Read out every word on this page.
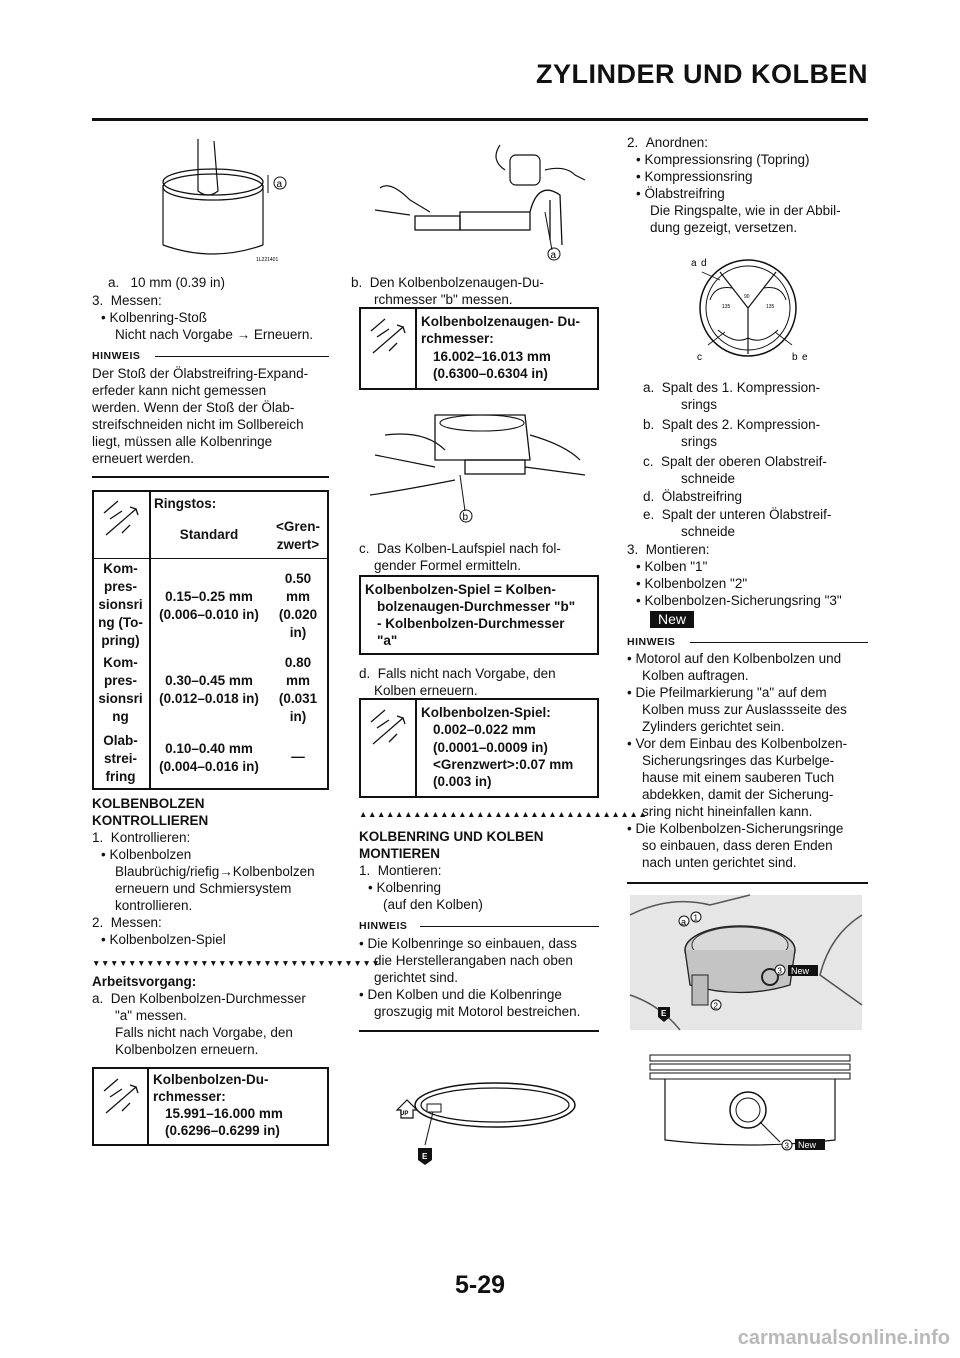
ZYLINDER UND KOLBEN
a
1L221401
a.   10 mm (0.39 in)
3.  Messen:
• Kolbenring-Stoß
Nicht nach Vorgabe → Erneuern.
HINWEIS
Der Stoß der Ölabstreifring-Expand-
erfeder kann nicht gemessen
werden. Wenn der Stoß der Ölab-
streifschneiden nicht im Sollbereich
liegt, müssen alle Kolbenringe
erneuert werden.
Ringstos:
Standard
<Gren-
zwert>
Kom-
pres-
sionsri
ng (To-
pring)
0.15–0.25 mm
(0.006–0.010 in)
0.50
mm
(0.020
in)
Kom-
pres-
sionsri
ng
0.30–0.45 mm
(0.012–0.018 in)
0.80
mm
(0.031
in)
Olab-
strei-
fring
0.10–0.40 mm
(0.004–0.016 in)
—
KOLBENBOLZEN
KONTROLLIEREN
1.  Kontrollieren:
• Kolbenbolzen
Blaubrüchig/riefig→Kolbenbolzen
erneuern und Schmiersystem
kontrollieren.
2.  Messen:
• Kolbenbolzen-Spiel
▼▼▼▼▼▼▼▼▼▼▼▼▼▼▼▼▼▼▼▼▼▼▼▼▼▼▼▼▼▼▼▼
Arbeitsvorgang:
a.  Den Kolbenbolzen-Durchmesser
"a" messen.
Falls nicht nach Vorgabe, den
Kolbenbolzen erneuern.
Kolbenbolzen-Du-
rchmesser:
15.991–16.000 mm
(0.6296–0.6299 in)
a
b.  Den Kolbenbolzenaugen-Du-
rchmesser "b" messen.
Kolbenbolzenaugen- Du-
rchmesser:
16.002–16.013 mm
(0.6300–0.6304 in)
b
c.  Das Kolben-Laufspiel nach fol-
gender Formel ermitteln.
Kolbenbolzen-Spiel = Kolben-
bolzenaugen-Durchmesser "b"
- Kolbenbolzen-Durchmesser
"a"
d.  Falls nicht nach Vorgabe, den
Kolben erneuern.
Kolbenbolzen-Spiel:
0.002–0.022 mm
(0.0001–0.0009 in)
<Grenzwert>:0.07 mm
(0.003 in)
▲▲▲▲▲▲▲▲▲▲▲▲▲▲▲▲▲▲▲▲▲▲▲▲▲▲▲▲▲▲▲▲
KOLBENRING UND KOLBEN
MONTIEREN
1.  Montieren:
• Kolbenring
(auf den Kolben)
HINWEIS
• Die Kolbenringe so einbauen, dass
die Herstellerangaben nach oben
gerichtet sind.
• Den Kolben und die Kolbenringe
groszugig mit Motorol bestreichen.
UP
E
2.  Anordnen:
• Kompressionsring (Topring)
• Kompressionsring
• Ölabstreifring
Die Ringspalte, wie in der Abbil-
dung gezeigt, versetzen.
a d
c	b e
135	135
90
a.  Spalt des 1. Kompression-
srings
b.  Spalt des 2. Kompression-
srings
c.  Spalt der oberen Olabstreif-
schneide
d.  Ölabstreifring
e.  Spalt der unteren Ölabstreif-
schneide
3.  Montieren:
• Kolben "1"
• Kolbenbolzen "2"
• Kolbenbolzen-Sicherungsring "3"
New
HINWEIS
• Motorol auf den Kolbenbolzen und
Kolben auftragen.
• Die Pfeilmarkierung "a" auf dem
Kolben muss zur Auslassseite des
Zylinders gerichtet sein.
• Vor dem Einbau des Kolbenbolzen-
Sicherungsringes das Kurbelge-
hause mit einem sauberen Tuch
abdekken, damit der Sicherung-
sring nicht hineinfallen kann.
• Die Kolbenbolzen-Sicherungsringe
so einbauen, dass deren Enden
nach unten gerichtet sind.
a 1
2
3 New
E
3 New
5-29
carmanualsonline.info
